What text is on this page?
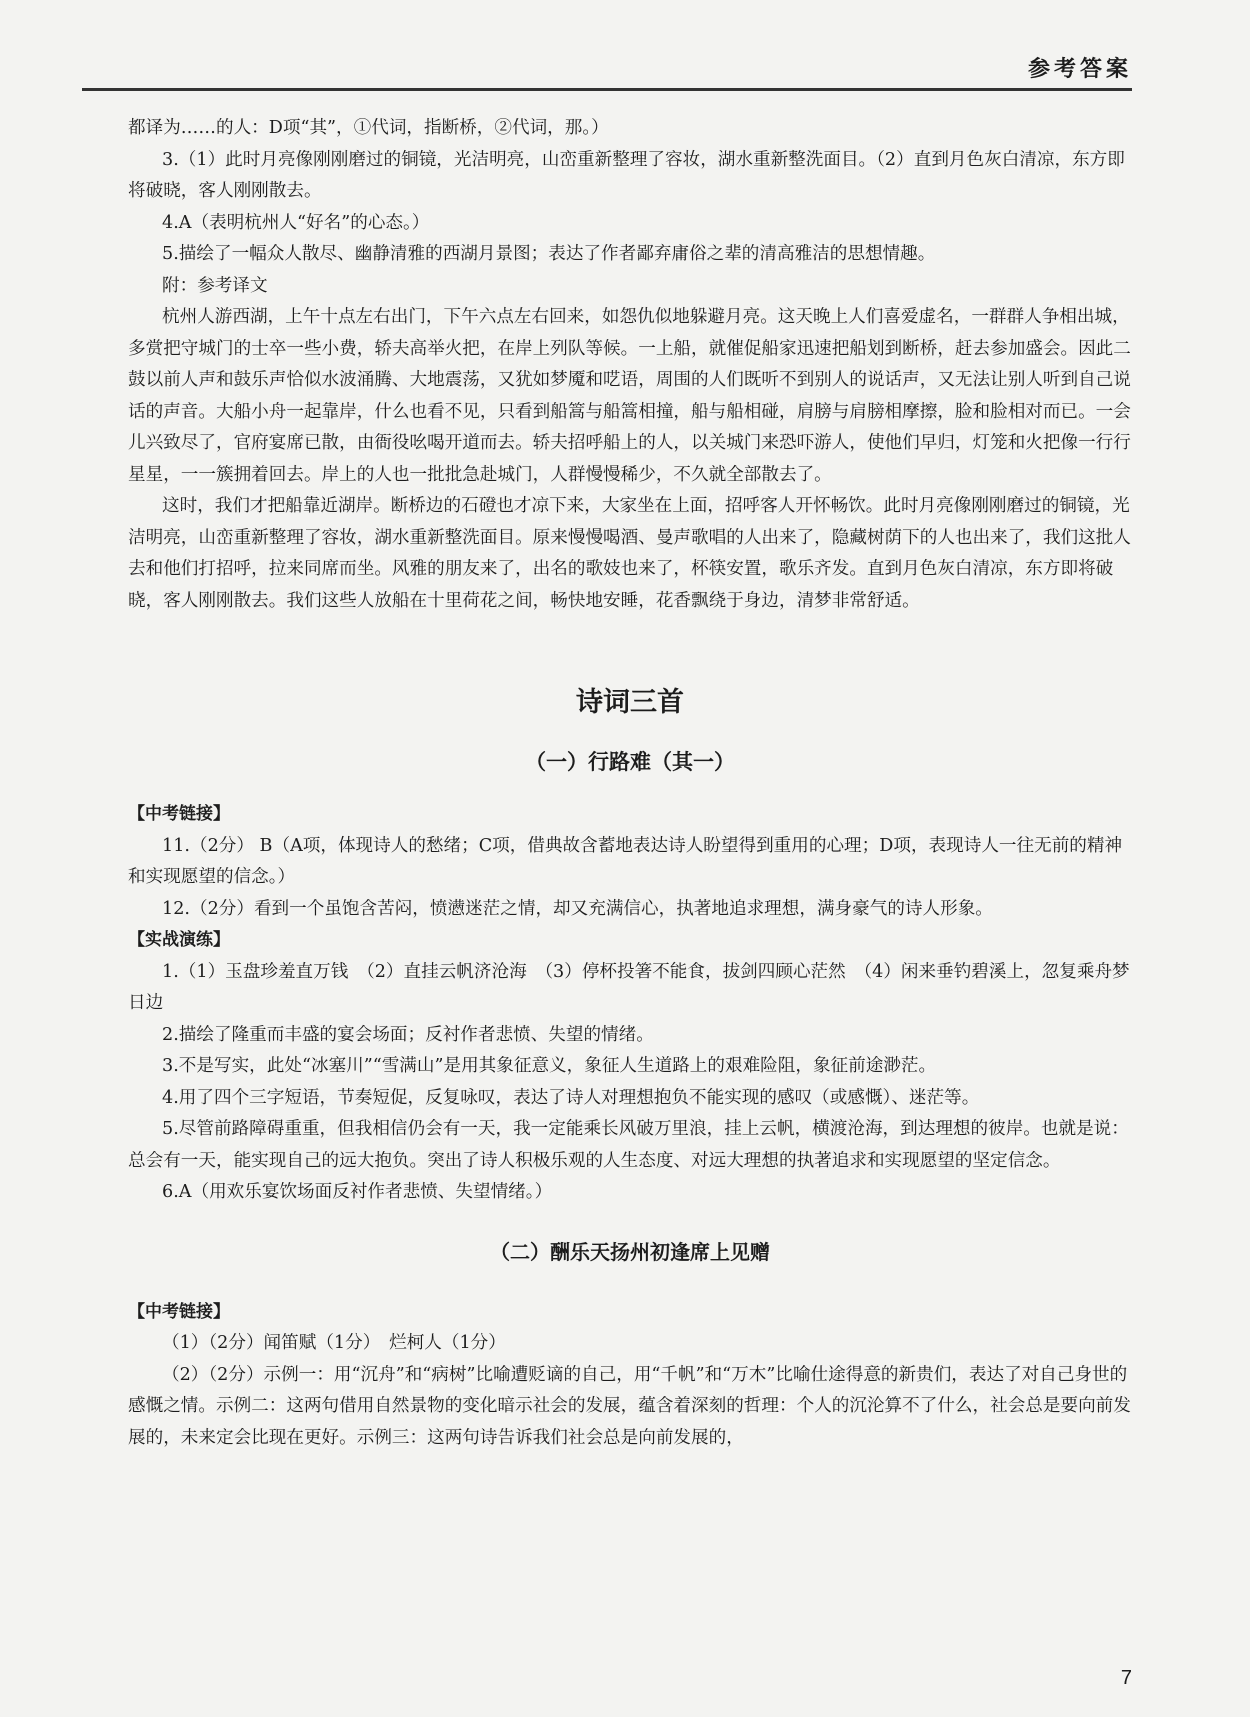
参考答案

都译为……的人：D项“其”，①代词，指断桥，②代词，那。）

3.（1）此时月亮像刚刚磨过的铜镜，光洁明亮，山峦重新整理了容妆，湖水重新整洗面目。（2）直到月色灰白清凉，东方即将破晓，客人刚刚散去。

4.A（表明杭州人“好名”的心态。）

5.描绘了一幅众人散尽、幽静清雅的西湖月景图；表达了作者鄙弃庸俗之辈的清高雅洁的思想情趣。

附：参考译文

杭州人游西湖，上午十点左右出门，下午六点左右回来，如怨仇似地躲避月亮。这天晚上人们喜爱虚名，一群群人争相出城，多赏把守城门的士卒一些小费，轿夫高举火把，在岸上列队等候。一上船，就催促船家迅速把船划到断桥，赶去参加盛会。因此二鼓以前人声和鼓乐声恰似水波涌腾、大地震荡，又犹如梦魇和呓语，周围的人们既听不到别人的说话声，又无法让别人听到自己说话的声音。大船小舟一起靠岸，什么也看不见，只看到船篙与船篙相撞，船与船相碰，肩膀与肩膀相摩擦，脸和脸相对而已。一会儿兴致尽了，官府宴席已散，由衙役吆喝开道而去。轿夫招呼船上的人，以关城门来恐吓游人，使他们早归，灯笼和火把像一行行星星，一一簇拥着回去。岸上的人也一批批急赴城门，人群慢慢稀少，不久就全部散去了。

这时，我们才把船靠近湖岸。断桥边的石磴也才凉下来，大家坐在上面，招呼客人开怀畅饮。此时月亮像刚刚磨过的铜镜，光洁明亮，山峦重新整理了容妆，湖水重新整洗面目。原来慢慢喝酒、曼声歌唱的人出来了，隐藏树荫下的人也出来了，我们这批人去和他们打招呼，拉来同席而坐。风雅的朋友来了，出名的歌妓也来了，杯筷安置，歌乐齐发。直到月色灰白清凉，东方即将破晓，客人刚刚散去。我们这些人放船在十里荷花之间，畅快地安睡，花香飘绕于身边，清梦非常舒适。

诗词三首
（一）行路难（其一）

【中考链接】

11.（2分） B（A项，体现诗人的愁绪；C项，借典故含蓄地表达诗人盼望得到重用的心理；D项，表现诗人一往无前的精神和实现愿望的信念。）

12.（2分）看到一个虽饱含苦闷，愤懑迷茫之情，却又充满信心，执著地追求理想，满身豪气的诗人形象。

【实战演练】

1.（1）玉盘珍羞直万钱　（2）直挂云帆济沧海　（3）停杯投箸不能食，拔剑四顾心茫然　（4）闲来垂钓碧溪上，忽复乘舟梦日边

2.描绘了隆重而丰盛的宴会场面；反衬作者悲愤、失望的情绪。

3.不是写实，此处“冰塞川”“雪满山”是用其象征意义，象征人生道路上的艰难险阻，象征前途渺茫。

4.用了四个三字短语，节奏短促，反复咏叹，表达了诗人对理想抱负不能实现的感叹（或感慨）、迷茫等。

5.尽管前路障碍重重，但我相信仍会有一天，我一定能乘长风破万里浪，挂上云帆，横渡沧海，到达理想的彼岸。也就是说：总会有一天，能实现自己的远大抱负。突出了诗人积极乐观的人生态度、对远大理想的执著追求和实现愿望的坚定信念。

6.A（用欢乐宴饮场面反衬作者悲愤、失望情绪。）

（二）酬乐天扬州初逢席上见赠

【中考链接】

（1）（2分）闻笛赋（1分）　烂柯人（1分）

（2）（2分）示例一：用“沉舟”和“病树”比喻遭贬谪的自己，用“千帆”和“万木”比喻仕途得意的新贵们，表达了对自己身世的感慨之情。示例二：这两句借用自然景物的变化暗示社会的发展，蕴含着深刻的哲理：个人的沉沦算不了什么，社会总是要向前发展的，未来定会比现在更好。示例三：这两句诗告诉我们社会总是向前发展的，

7
